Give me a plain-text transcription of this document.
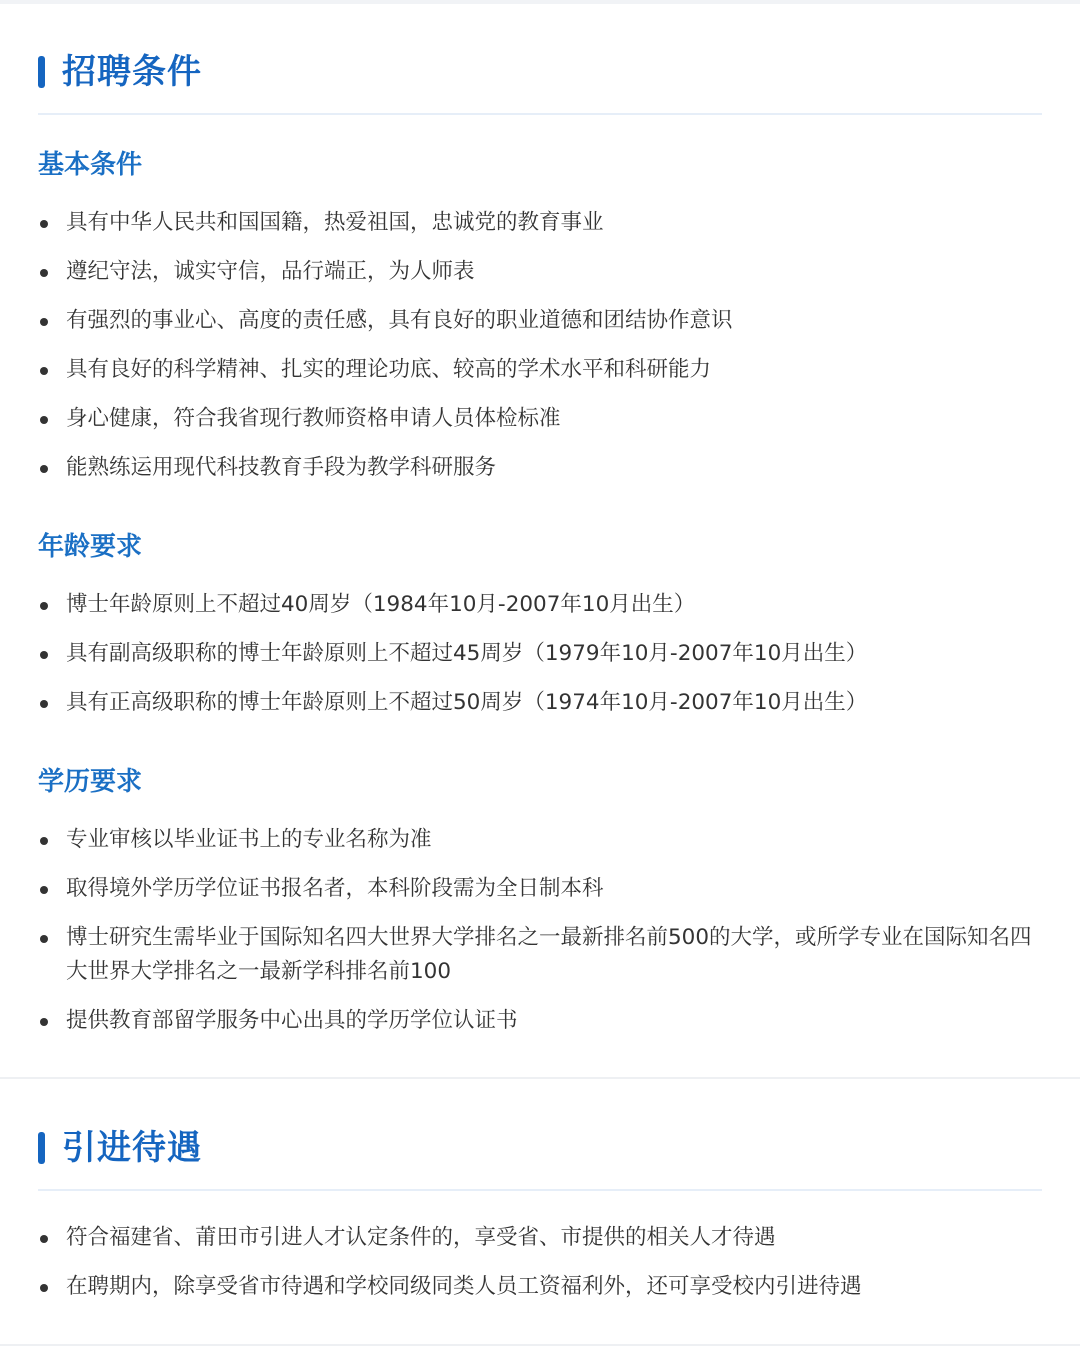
招聘条件
基本条件
具有中华人民共和国国籍，热爱祖国，忠诚党的教育事业
遵纪守法，诚实守信，品行端正，为人师表
有强烈的事业心、高度的责任感，具有良好的职业道德和团结协作意识
具有良好的科学精神、扎实的理论功底、较高的学术水平和科研能力
身心健康，符合我省现行教师资格申请人员体检标准
能熟练运用现代科技教育手段为教学科研服务
年龄要求
博士年龄原则上不超过40周岁（1984年10月-2007年10月出生）
具有副高级职称的博士年龄原则上不超过45周岁（1979年10月-2007年10月出生）
具有正高级职称的博士年龄原则上不超过50周岁（1974年10月-2007年10月出生）
学历要求
专业审核以毕业证书上的专业名称为准
取得境外学历学位证书报名者，本科阶段需为全日制本科
博士研究生需毕业于国际知名四大世界大学排名之一最新排名前500的大学，或所学专业在国际知名四大世界大学排名之一最新学科排名前100
提供教育部留学服务中心出具的学历学位认证书
引进待遇
符合福建省、莆田市引进人才认定条件的，享受省、市提供的相关人才待遇
在聘期内，除享受省市待遇和学校同级同类人员工资福利外，还可享受校内引进待遇
